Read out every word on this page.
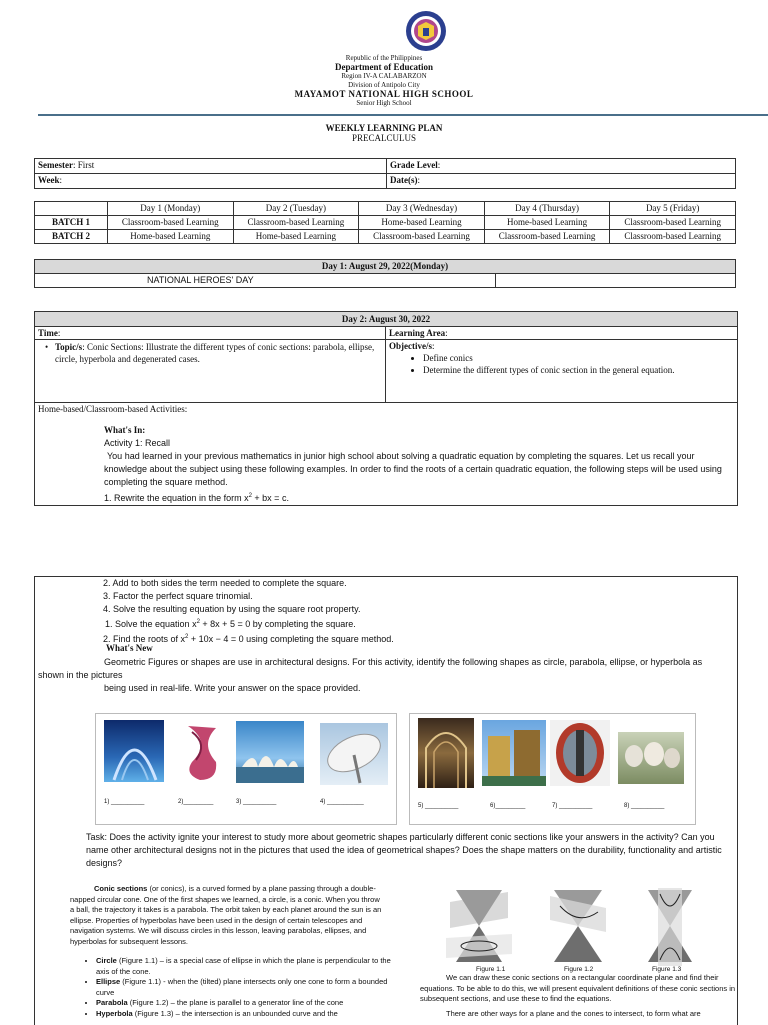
Republic of the Philippines
Department of Education
Region IV-A CALABARZON
Division of Antipolo City
MAYAMOT NATIONAL HIGH SCHOOL
Senior High School
WEEKLY LEARNING PLAN
PRECALCULUS
Semester: First	Grade Level:
Week:	Date(s):
	Day 1 (Monday)	Day 2 (Tuesday)	Day 3 (Wednesday)	Day 4 (Thursday)	Day 5 (Friday)
BATCH 1	Classroom-based Learning	Classroom-based Learning	Home-based Learning	Home-based Learning	Classroom-based Learning
BATCH 2	Home-based Learning	Home-based Learning	Classroom-based Learning	Classroom-based Learning	Classroom-based Learning
Day 1: August 29, 2022(Monday)
NATIONAL HEROES' DAY	
Day 2: August 30, 2022
Time:	Learning Area:
• Topic/s: Conic Sections: Illustrate the different types of conic sections: parabola, ellipse, circle, hyperbola and degenerated cases.
Objective/s:
• Define conics
• Determine the different types of conic section in the general equation.
Home-based/Classroom-based Activities:
What's In:
Activity 1: Recall
You had learned in your previous mathematics in junior high school about solving a quadratic equation by completing the squares. Let us recall your knowledge about the subject using these following examples. In order to find the roots of a certain quadratic equation, the following steps will be used using completing the square method.
1. Rewrite the equation in the form $x^2$ + bx = c.
2. Add to both sides the term needed to complete the square.
3. Factor the perfect square trinomial.
4. Solve the resulting equation by using the square root property.
1. Solve the equation $x^2 + 8x + 5 = 0$ by completing the square.
2. Find the roots of $x^2 + 10x - 4 = 0$ using completing the square method.
What's New
Geometric Figures or shapes are use in architectural designs. For this activity, identify the following shapes as circle, parabola, ellipse, or hyperbola as shown in the pictures
being used in real-life. Write your answer on the space provided.
1) __________	2)_________	3) __________	4) ___________
5) __________	6)_________	7) __________	8) __________
Task: Does the activity ignite your interest to study more about geometric shapes particularly different conic sections like your answers in the activity? Can you name other architectural designs not in the pictures that used the idea of geometrical shapes? Does the shape matters on the durability, functionality and artistic designs?
Conic sections (or conics), is a curved formed by a plane passing through a double-napped circular cone. One of the first shapes we learned, a circle, is a conic. When you throw a ball, the trajectory it takes is a parabola. The orbit taken by each planet around the sun is an ellipse. Properties of hyperbolas have been used in the design of certain telescopes and navigation systems. We will discuss circles in this lesson, leaving parabolas, ellipses, and hyperbolas for subsequent lessons.
• Circle (Figure 1.1) – is a special case of ellipse in which the plane is perpendicular to the axis of the cone.
• Ellipse (Figure 1.1) - when the (tilted) plane intersects only one cone to form a bounded curve
• Parabola (Figure 1.2) – the plane is parallel to a generator line of the cone
• Hyperbola (Figure 1.3) – the intersection is an unbounded curve and the
Figure 1.1	Figure 1.2	Figure 1.3
We can draw these conic sections on a rectangular coordinate plane and find their equations. To be able to do this, we will present equivalent definitions of these conic sections in subsequent sections, and use these to find the equations.
There are other ways for a plane and the cones to intersect, to form what are
